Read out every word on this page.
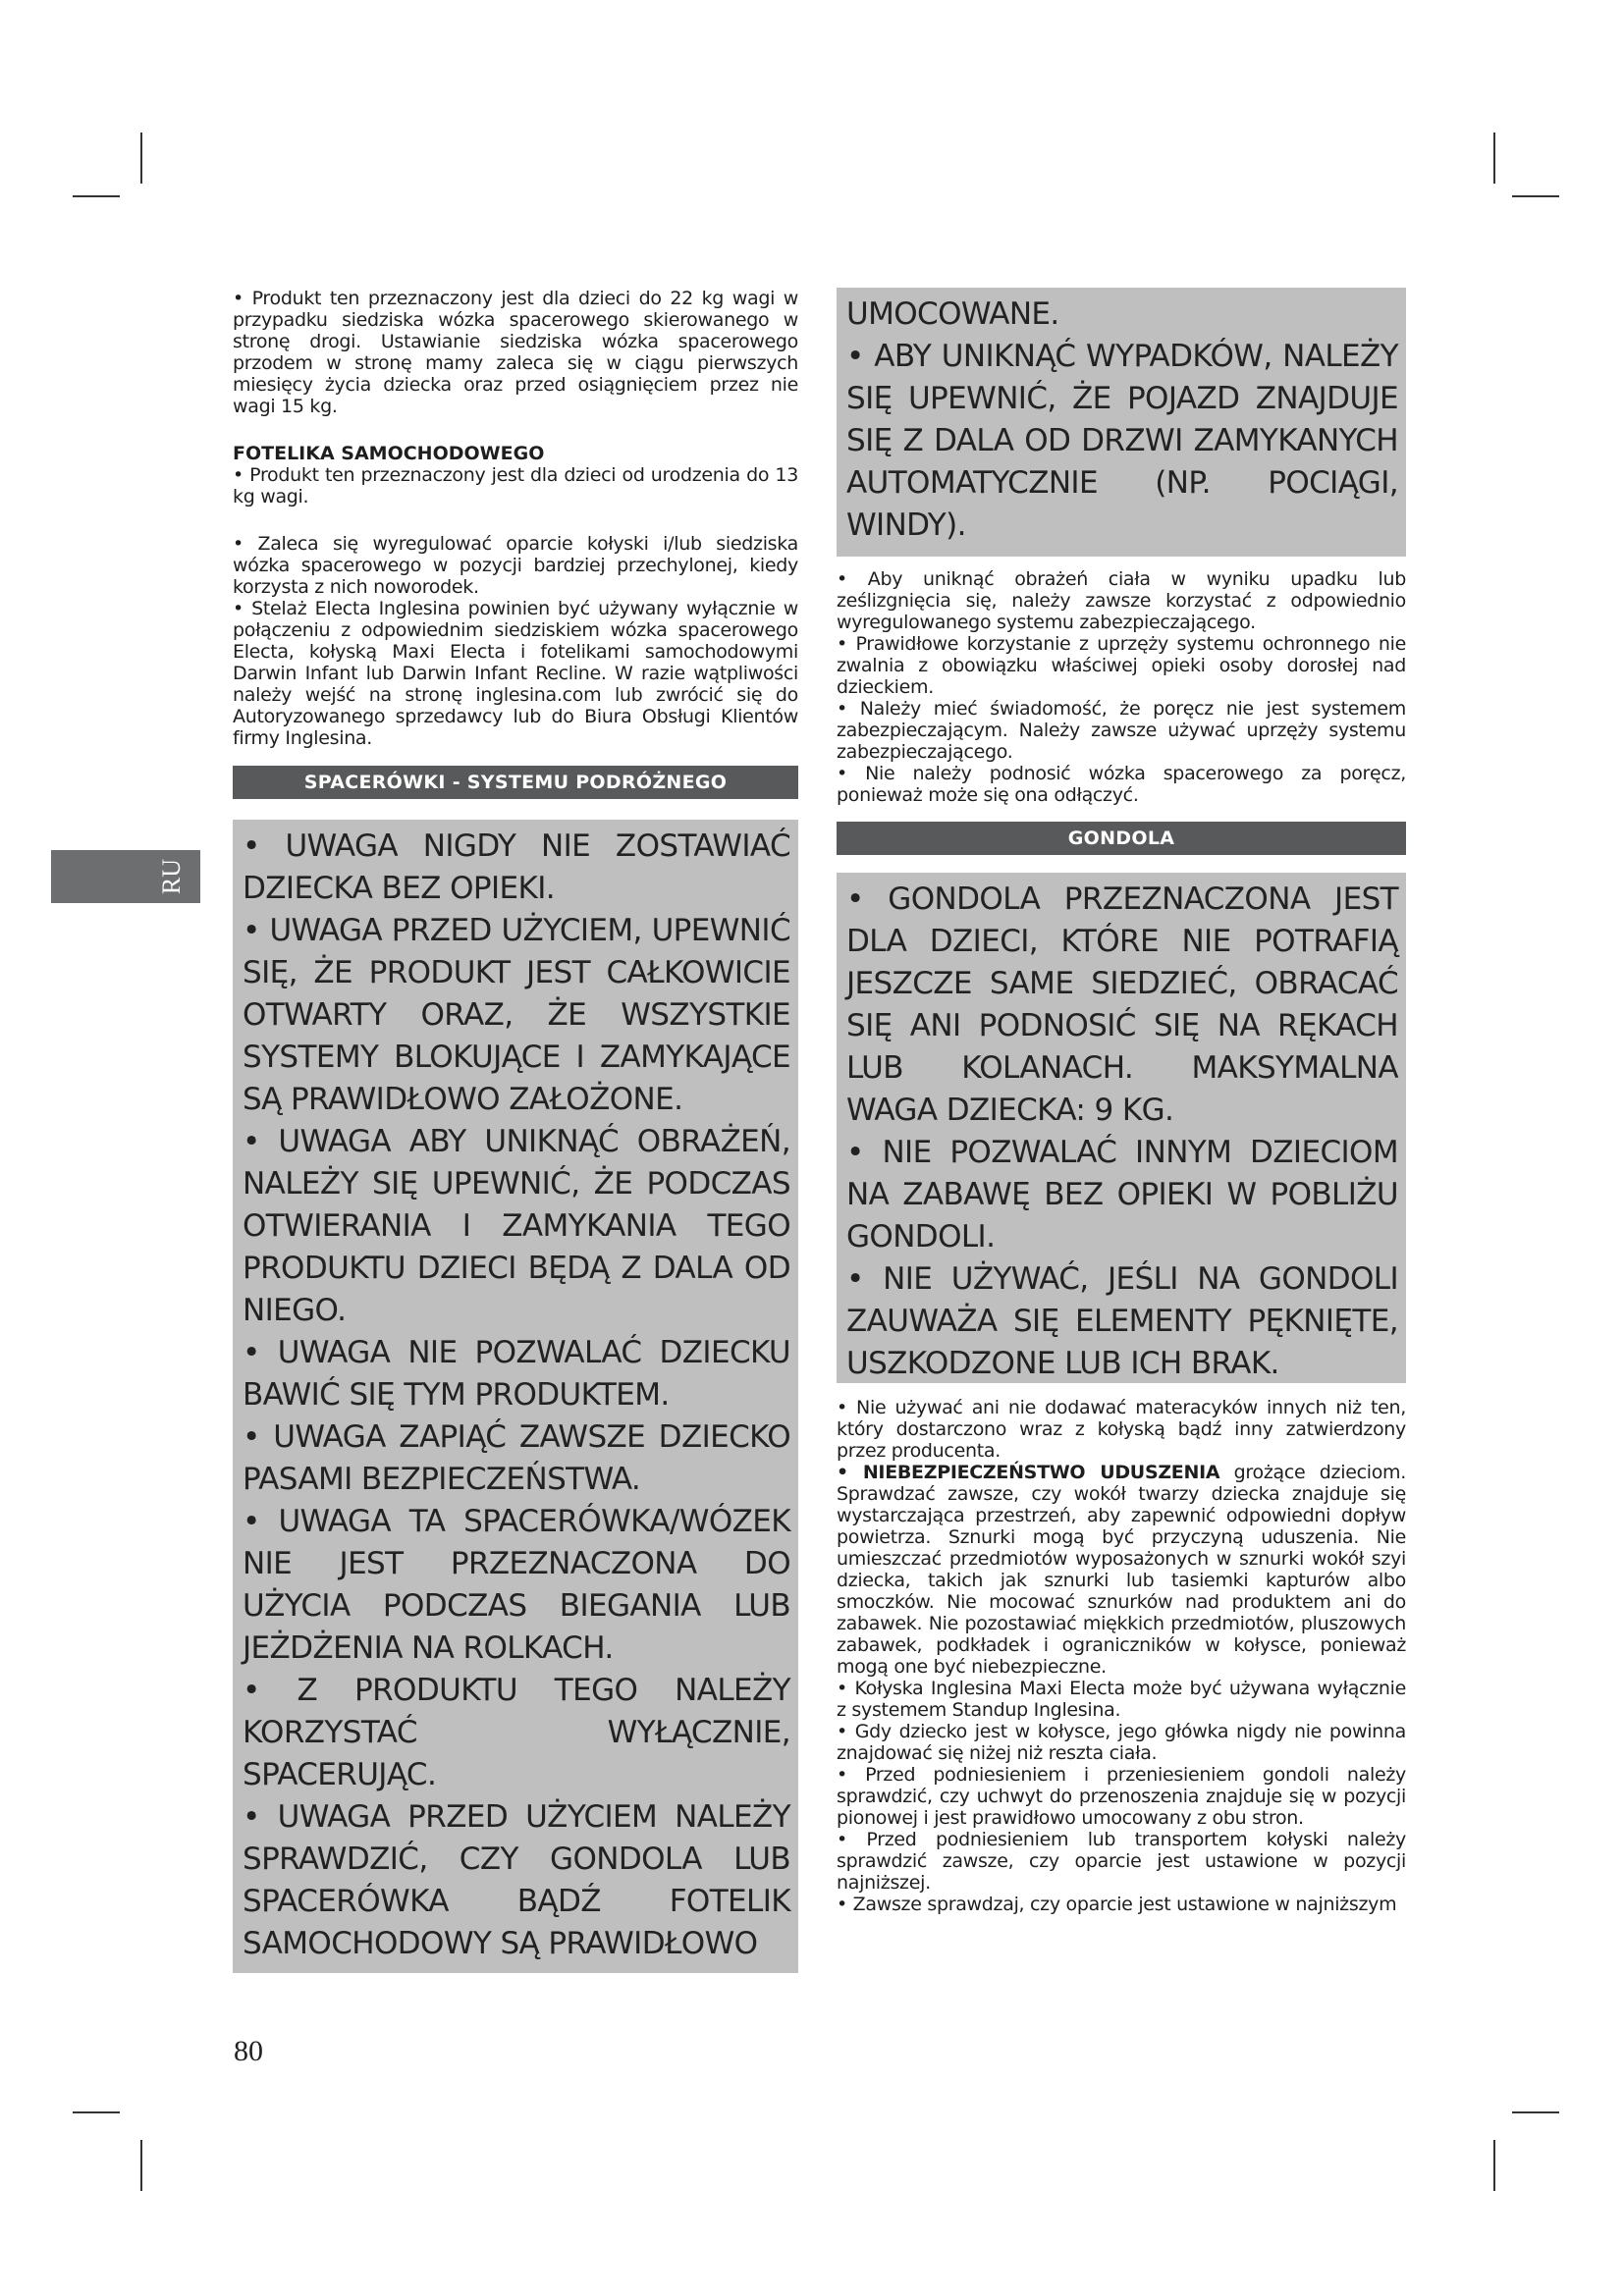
RU

• Produkt ten przeznaczony jest dla dzieci do 22 kg wagi w przypadku siedziska wózka spacerowego skierowanego w stronę drogi. Ustawianie siedziska wózka spacerowego przodem w stronę mamy zaleca się w ciągu pierwszych miesięcy życia dziecka oraz przed osiągnięciem przez nie wagi 15 kg.

FOTELIKA SAMOCHODOWEGO

• Produkt ten przeznaczony jest dla dzieci od urodzenia do 13 kg wagi.

• Zaleca się wyregulować oparcie kołyski i/lub siedziska wózka spacerowego w pozycji bardziej przechylonej, kiedy korzysta z nich noworodek.

• Stelaż Electa Inglesina powinien być używany wyłącznie w połączeniu z odpowiednim siedziskiem wózka spacerowego Electa, kołyską Maxi Electa i fotelikami samochodowymi Darwin Infant lub Darwin Infant Recline. W razie wątpliwości należy wejść na stronę inglesina.com lub zwrócić się do Autoryzowanego sprzedawcy lub do Biura Obsługi Klientów firmy Inglesina.

SPACERÓWKI - SYSTEMU PODRÓŻNEGO

• UWAGA NIGDY NIE ZOSTAWIAĆ DZIECKA BEZ OPIEKI.

• UWAGA PRZED UŻYCIEM, UPEWNIĆ SIĘ, ŻE PRODUKT JEST CAŁKOWICIE OTWARTY ORAZ, ŻE WSZYSTKIE SYSTEMY BLOKUJĄCE I ZAMYKAJĄCE SĄ PRAWIDŁOWO ZAŁOŻONE.

• UWAGA ABY UNIKNĄĆ OBRAŻEŃ, NALEŻY SIĘ UPEWNIĆ, ŻE PODCZAS OTWIERANIA I ZAMYKANIA TEGO PRODUKTU DZIECI BĘDĄ Z DALA OD NIEGO.

• UWAGA NIE POZWALAĆ DZIECKU BAWIĆ SIĘ TYM PRODUKTEM.

• UWAGA ZAPIĄĆ ZAWSZE DZIECKO PASAMI BEZPIECZEŃSTWA.

• UWAGA TA SPACERÓWKA/WÓZEK NIE JEST PRZEZNACZONA DO UŻYCIA PODCZAS BIEGANIA LUB JEŻDŻENIA NA ROLKACH.

• Z PRODUKTU TEGO NALEŻY KORZYSTAĆ WYŁĄCZNIE, SPACERUJĄC.

• UWAGA PRZED UŻYCIEM NALEŻY SPRAWDZIĆ, CZY GONDOLA LUB SPACERÓWKA BĄDŹ FOTELIK SAMOCHODOWY SĄ PRAWIDŁOWO

UMOCOWANE.

• ABY UNIKNĄĆ WYPADKÓW, NALEŻY SIĘ UPEWNIĆ, ŻE POJAZD ZNAJDUJE SIĘ Z DALA OD DRZWI ZAMYKANYCH AUTOMATYCZNIE (NP. POCIĄGI, WINDY).

• Aby uniknąć obrażeń ciała w wyniku upadku lub ześlizgnięcia się, należy zawsze korzystać z odpowiednio wyregulowanego systemu zabezpieczającego.

• Prawidłowe korzystanie z uprzęży systemu ochronnego nie zwalnia z obowiązku właściwej opieki osoby dorosłej nad dzieckiem.

• Należy mieć świadomość, że poręcz nie jest systemem zabezpieczającym. Należy zawsze używać uprzęży systemu zabezpieczającego.

• Nie należy podnosić wózka spacerowego za poręcz, ponieważ może się ona odłączyć.

GONDOLA

• GONDOLA PRZEZNACZONA JEST DLA DZIECI, KTÓRE NIE POTRAFIĄ JESZCZE SAME SIEDZIEĆ, OBRACAĆ SIĘ ANI PODNOSIĆ SIĘ NA RĘKACH LUB KOLANACH. MAKSYMALNA WAGA DZIECKA: 9 KG.

• NIE POZWALAĆ INNYM DZIECIOM NA ZABAWĘ BEZ OPIEKI W POBLIŻU GONDOLI.

• NIE UŻYWAĆ, JEŚLI NA GONDOLI ZAUWAŻA SIĘ ELEMENTY PĘKNIĘTE, USZKODZONE LUB ICH BRAK.

• Nie używać ani nie dodawać materacyków innych niż ten, który dostarczono wraz z kołyską bądź inny zatwierdzony przez producenta.

• NIEBEZPIECZEŃSTWO UDUSZENIA grożące dzieciom. Sprawdzać zawsze, czy wokół twarzy dziecka znajduje się wystarczająca przestrzeń, aby zapewnić odpowiedni dopływ powietrza. Sznurki mogą być przyczyną uduszenia. Nie umieszczać przedmiotów wyposażonych w sznurki wokół szyi dziecka, takich jak sznurki lub tasiemki kapturów albo smoczków. Nie mocować sznurków nad produktem ani do zabawek. Nie pozostawiać miękkich przedmiotów, pluszowych zabawek, podkładek i ograniczników w kołysce, ponieważ mogą one być niebezpieczne.

• Kołyska Inglesina Maxi Electa może być używana wyłącznie z systemem Standup Inglesina.

• Gdy dziecko jest w kołysce, jego główka nigdy nie powinna znajdować się niżej niż reszta ciała.

• Przed podniesieniem i przeniesieniem gondoli należy sprawdzić, czy uchwyt do przenoszenia znajduje się w pozycji pionowej i jest prawidłowo umocowany z obu stron.

• Przed podniesieniem lub transportem kołyski należy sprawdzić zawsze, czy oparcie jest ustawione w pozycji najniższej.

• Zawsze sprawdzaj, czy oparcie jest ustawione w najniższym

80
